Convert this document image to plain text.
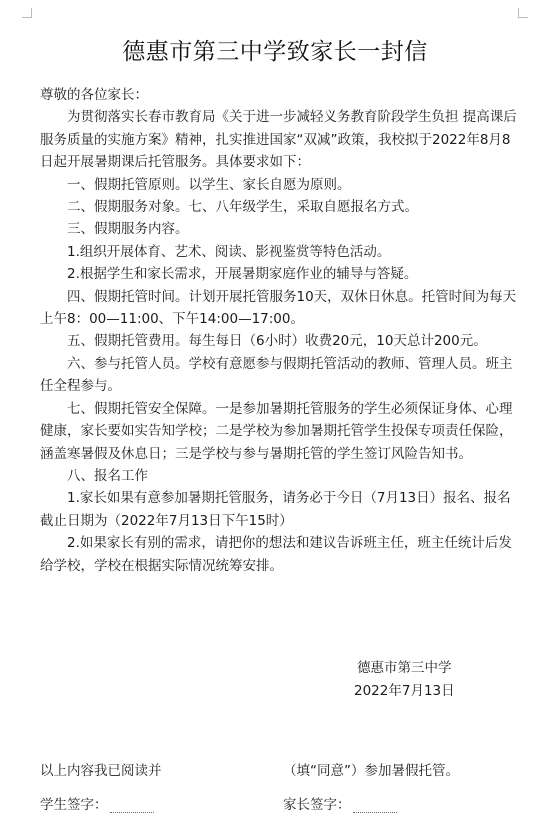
德惠市第三中学致家长一封信

尊敬的各位家长：

为贯彻落实长春市教育局《关于进一步减轻义务教育阶段学生负担 提高课后服务质量的实施方案》精神，扎实推进国家“双减”政策，我校拟于2022年8月8日起开展暑期课后托管服务。具体要求如下：

一、假期托管原则。以学生、家长自愿为原则。

二、假期服务对象。七、八年级学生，采取自愿报名方式。

三、假期服务内容。

1.组织开展体育、艺术、阅读、影视鉴赏等特色活动。

2.根据学生和家长需求，开展暑期家庭作业的辅导与答疑。

四、假期托管时间。计划开展托管服务10天，双休日休息。托管时间为每天上午8：00—11:00、下午14:00—17:00。

五、假期托管费用。每生每日（6小时）收费20元，10天总计200元。

六、参与托管人员。学校有意愿参与假期托管活动的教师、管理人员。班主任全程参与。

七、假期托管安全保障。一是参加暑期托管服务的学生必须保证身体、心理健康，家长要如实告知学校；二是学校为参加暑期托管学生投保专项责任保险，涵盖寒暑假及休息日；三是学校与参与暑期托管的学生签订风险告知书。

八、报名工作

1.家长如果有意参加暑期托管服务，请务必于今日（7月13日）报名、报名截止日期为（2022年7月13日下午15时）

2.如果家长有别的需求，请把你的想法和建议告诉班主任，班主任统计后发给学校，学校在根据实际情况统筹安排。

德惠市第三中学
2022年7月13日
以上内容我已阅读并	（填“同意”）参加暑假托管。
学生签字：	家长签字：
